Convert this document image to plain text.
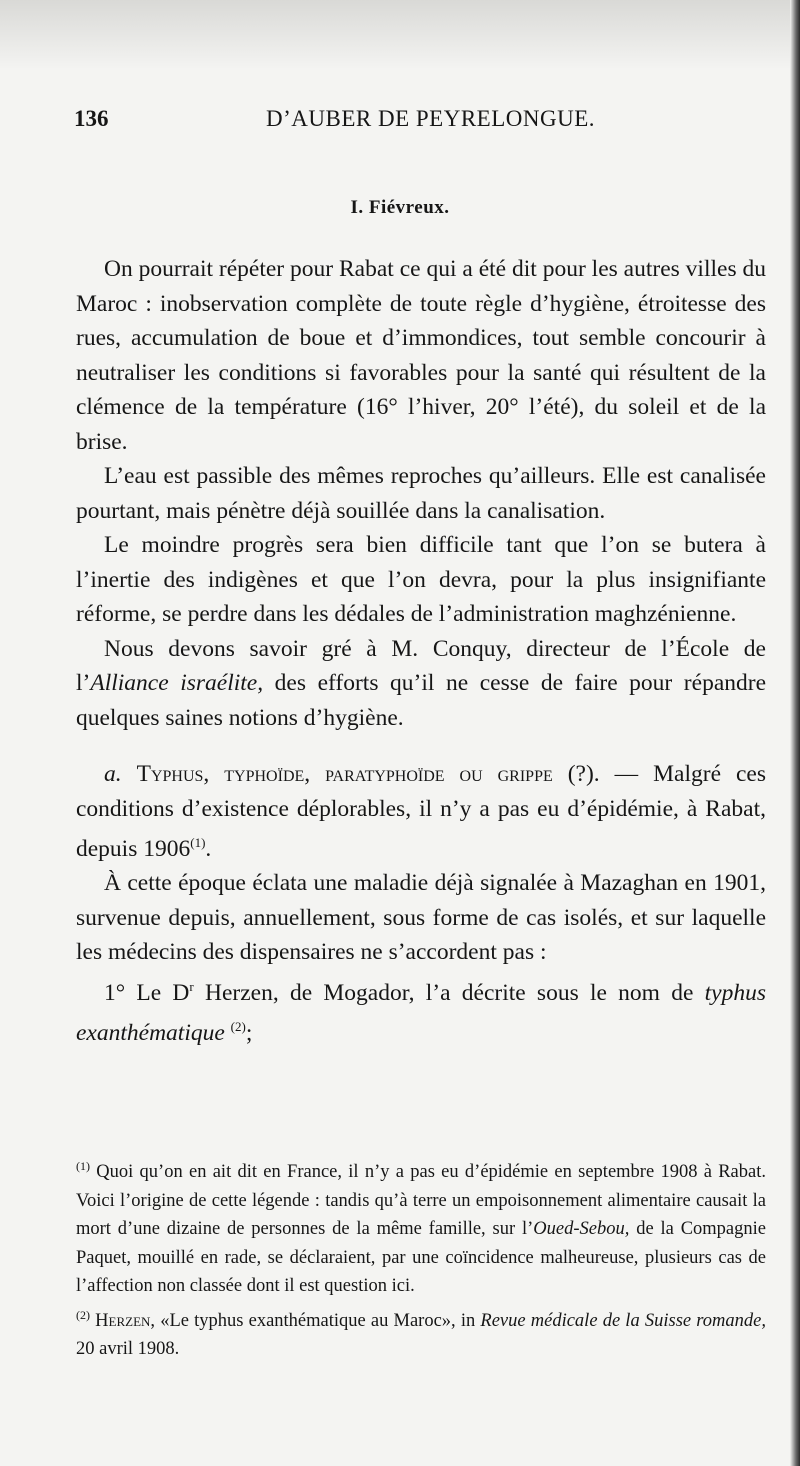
136	D’AUBER DE PEYRELONGUE.
I. Fiévreux.

On pourrait répéter pour Rabat ce qui a été dit pour les autres villes du Maroc : inobservation complète de toute règle d’hygiène, étroitesse des rues, accumulation de boue et d’immondices, tout semble concourir à neutraliser les conditions si favorables pour la santé qui résultent de la clémence de la température (16° l’hiver, 20° l’été), du soleil et de la brise.

L’eau est passible des mêmes reproches qu’ailleurs. Elle est canalisée pourtant, mais pénètre déjà souillée dans la canalisation.

Le moindre progrès sera bien difficile tant que l’on se butera à l’inertie des indigènes et que l’on devra, pour la plus insignifiante réforme, se perdre dans les dédales de l’administration maghzénienne.

Nous devons savoir gré à M. Conquy, directeur de l’École de l’Alliance israélite, des efforts qu’il ne cesse de faire pour répandre quelques saines notions d’hygiène.

a. Typhus, typhoïde, paratyphoïde ou grippe (?). — Malgré ces conditions d’existence déplorables, il n’y a pas eu d’épidémie, à Rabat, depuis 1906$^{(1)}$.

À cette époque éclata une maladie déjà signalée à Mazaghan en 1901, survenue depuis, annuellement, sous forme de cas isolés, et sur laquelle les médecins des dispensaires ne s’accordent pas :

1° Le $D^r$ Herzen, de Mogador, l’a décrite sous le nom de typhus exanthématique $^{(2)}$;

$^{(1)}$ Quoi qu’on en ait dit en France, il n’y a pas eu d’épidémie en septembre 1908 à Rabat. Voici l’origine de cette légende : tandis qu’à terre un empoisonnement alimentaire causait la mort d’une dizaine de personnes de la même famille, sur l’Oued-Sebou, de la Compagnie Paquet, mouillé en rade, se déclaraient, par une coïncidence malheureuse, plusieurs cas de l’affection non classée dont il est question ici.

$^{(2)}$ Herzen, «Le typhus exanthématique au Maroc», in Revue médicale de la Suisse romande, 20 avril 1908.
